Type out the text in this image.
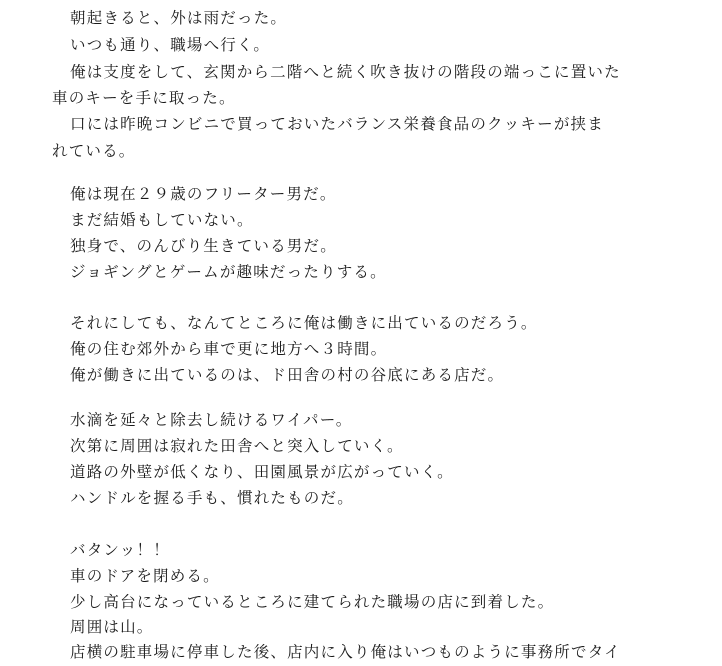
朝起きると、外は雨だった。
いつも通り、職場へ行く。
俺は支度をして、玄関から二階へと続く吹き抜けの階段の端っこに置いた
車のキーを手に取った。
口には昨晩コンビニで買っておいたバランス栄養食品のクッキーが挟ま
れている。
俺は現在２９歳のフリーター男だ。
まだ結婚もしていない。
独身で、のんびり生きている男だ。
ジョギングとゲームが趣味だったりする。
それにしても、なんてところに俺は働きに出ているのだろう。
俺の住む郊外から車で更に地方へ３時間。
俺が働きに出ているのは、ド田舎の村の谷底にある店だ。
水滴を延々と除去し続けるワイパー。
次第に周囲は寂れた田舎へと突入していく。
道路の外壁が低くなり、田園風景が広がっていく。
ハンドルを握る手も、慣れたものだ。
バタンッ！！
車のドアを閉める。
少し高台になっているところに建てられた職場の店に到着した。
周囲は山。
店横の駐車場に停車した後、店内に入り俺はいつものように事務所でタイ
